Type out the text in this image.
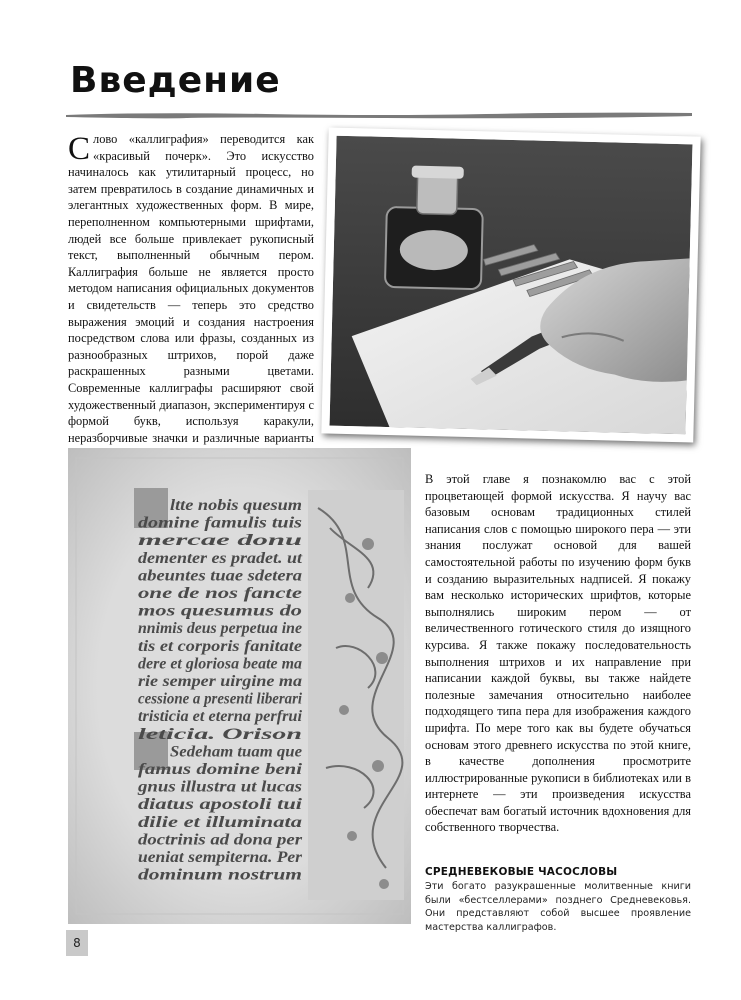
Введение

Слово «каллиграфия» переводится как «красивый почерк». Это искусство начиналось как утилитарный процесс, но затем превратилось в создание динамичных и элегантных художественных форм. В мире, переполненном компьютерными шрифтами, людей все больше привлекает рукописный текст, выполненный обычным пером. Каллиграфия больше не является просто методом написания официальных документов и свидетельств — теперь это средство выражения эмоций и создания настроения посредством слова или фразы, созданных из разнообразных штрихов, порой даже раскрашенных разными цветами. Современные каллиграфы расширяют свой художественный диапазон, экспериментируя с формой букв, используя каракули, неразборчивые значки и различные варианты

ltte nobis quesum
domine famulis tuis
mercae donu
dementer es pradet. ut
abeuntes tuae sdetera
one de nos fancte
mos quesumus do
nnimis deus perpetua ine
tis et corporis fanitate
dere et gloriosa beate ma
rie semper uirgine ma
cessione a presenti liberari
tristicia et eterna perfrui
leticia. Orison
Sedeham tuam que
famus domine beni
gnus illustra ut lucas
diatus apostoli tui
dilie et illuminata
doctrinis ad dona per
ueniat sempiterna. Per
dominum nostrum

В этой главе я познакомлю вас с этой процветающей формой искусства. Я научу вас базовым основам традиционных стилей написания слов с помощью широкого пера — эти знания послужат основой для вашей самостоятельной работы по изучению форм букв и созданию выразительных надписей. Я покажу вам несколько исторических шрифтов, которые выполнялись широким пером — от величественного готического стиля до изящного курсива. Я также покажу последовательность выполнения штрихов и их направление при написании каждой буквы, вы также найдете полезные замечания относительно наиболее подходящего типа пера для изображения каждого шрифта. По мере того как вы будете обучаться основам этого древнего искусства по этой книге, в качестве дополнения просмотрите иллюстрированные рукописи в библиотеках или в интернете — эти произведения искусства обеспечат вам богатый источник вдохновения для собственного творчества.

СРЕДНЕВЕКОВЫЕ ЧАСОСЛОВЫ

Эти богато разукрашенные молитвенные книги были «бестселлерами» позднего Средневековья. Они представляют собой высшее проявление мастерства каллиграфов.

8
